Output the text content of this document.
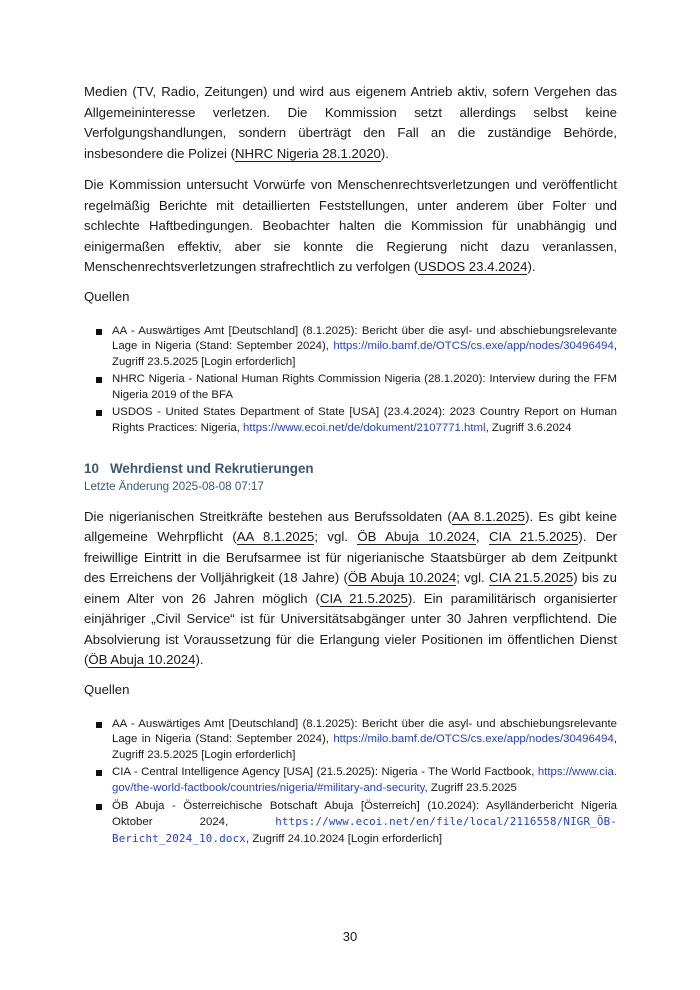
Medien (TV, Radio, Zeitungen) und wird aus eigenem Antrieb aktiv, sofern Vergehen das Allgemeininteresse verletzen. Die Kommission setzt allerdings selbst keine Verfolgungshandlungen, sondern überträgt den Fall an die zuständige Behörde, insbesondere die Polizei (NHRC Nigeria 28.1.2020).

Die Kommission untersucht Vorwürfe von Menschenrechtsverletzungen und veröffentlicht regelmäßig Berichte mit detaillierten Feststellungen, unter anderem über Folter und schlechte Haftbedingungen. Beobachter halten die Kommission für unabhängig und einigermaßen effektiv, aber sie konnte die Regierung nicht dazu veranlassen, Menschenrechtsverletzungen strafrechtlich zu verfolgen (USDOS 23.4.2024).

Quellen

AA - Auswärtiges Amt [Deutschland] (8.1.2025): Bericht über die asyl- und abschiebungsrelevante Lage in Nigeria (Stand: September 2024), https://milo.bamf.de/OTCS/cs.exe/app/nodes/30496494, Zugriff 23.5.2025 [Login erforderlich]
NHRC Nigeria - National Human Rights Commission Nigeria (28.1.2020): Interview during the FFM Nigeria 2019 of the BFA
USDOS - United States Department of State [USA] (23.4.2024): 2023 Country Report on Human Rights Practices: Nigeria, https://www.ecoi.net/de/dokument/2107771.html, Zugriff 3.6.2024
10 Wehrdienst und Rekrutierungen
Letzte Änderung 2025-08-08 07:17

Die nigerianischen Streitkräfte bestehen aus Berufssoldaten (AA 8.1.2025). Es gibt keine allgemeine Wehrpflicht (AA 8.1.2025; vgl. ÖB Abuja 10.2024, CIA 21.5.2025). Der freiwillige Eintritt in die Berufsarmee ist für nigerianische Staatsbürger ab dem Zeitpunkt des Erreichens der Volljährigkeit (18 Jahre) (ÖB Abuja 10.2024; vgl. CIA 21.5.2025) bis zu einem Alter von 26 Jahren möglich (CIA 21.5.2025). Ein paramilitärisch organisierter einjähriger „Civil Service“ ist für Universitätsabgänger unter 30 Jahren verpflichtend. Die Absolvierung ist Voraussetzung für die Erlangung vieler Positionen im öffentlichen Dienst (ÖB Abuja 10.2024).

Quellen

AA - Auswärtiges Amt [Deutschland] (8.1.2025): Bericht über die asyl- und abschiebungsrelevante Lage in Nigeria (Stand: September 2024), https://milo.bamf.de/OTCS/cs.exe/app/nodes/30496494, Zugriff 23.5.2025 [Login erforderlich]
CIA - Central Intelligence Agency [USA] (21.5.2025): Nigeria - The World Factbook, https://www.cia.gov/the-world-factbook/countries/nigeria/#military-and-security, Zugriff 23.5.2025
ÖB Abuja - Österreichische Botschaft Abuja [Österreich] (10.2024): Asylländerbericht Nigeria Oktober 2024, https://www.ecoi.net/en/file/local/2116558/NIGR_ÖB-Bericht_2024_10.docx, Zugriff 24.10.2024 [Login erforderlich]
30
